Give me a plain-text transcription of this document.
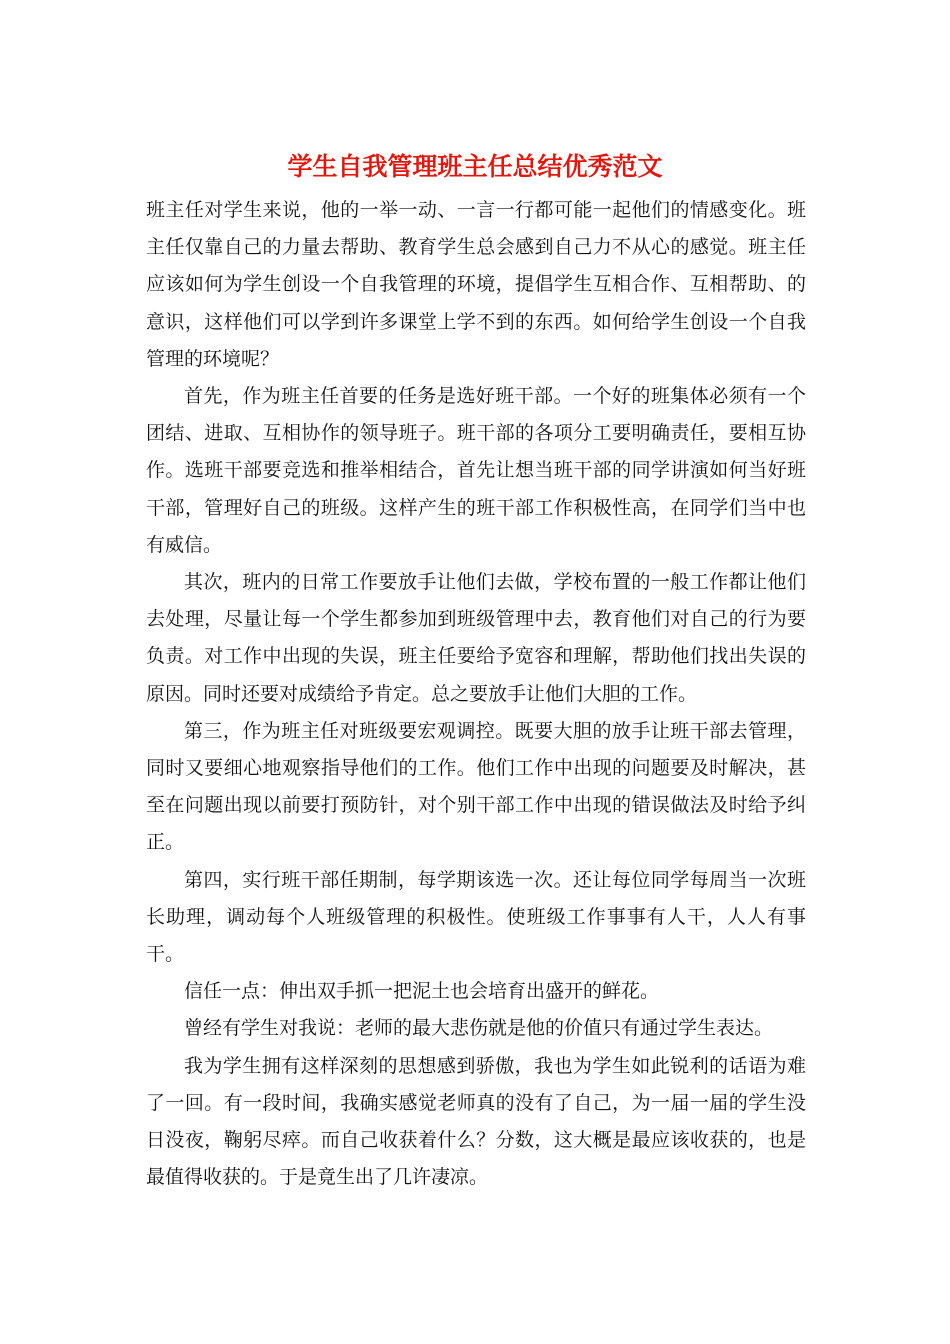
学生自我管理班主任总结优秀范文

班主任对学生来说，他的一举一动、一言一行都可能一起他们的情感变化。班主任仅靠自己的力量去帮助、教育学生总会感到自己力不从心的感觉。班主任应该如何为学生创设一个自我管理的环境，提倡学生互相合作、互相帮助、的意识，这样他们可以学到许多课堂上学不到的东西。如何给学生创设一个自我管理的环境呢？

首先，作为班主任首要的任务是选好班干部。一个好的班集体必须有一个团结、进取、互相协作的领导班子。班干部的各项分工要明确责任，要相互协作。选班干部要竞选和推举相结合，首先让想当班干部的同学讲演如何当好班干部，管理好自己的班级。这样产生的班干部工作积极性高，在同学们当中也有威信。

其次，班内的日常工作要放手让他们去做，学校布置的一般工作都让他们去处理，尽量让每一个学生都参加到班级管理中去，教育他们对自己的行为要负责。对工作中出现的失误，班主任要给予宽容和理解，帮助他们找出失误的原因。同时还要对成绩给予肯定。总之要放手让他们大胆的工作。

第三，作为班主任对班级要宏观调控。既要大胆的放手让班干部去管理，同时又要细心地观察指导他们的工作。他们工作中出现的问题要及时解决，甚至在问题出现以前要打预防针，对个别干部工作中出现的错误做法及时给予纠正。

第四，实行班干部任期制，每学期该选一次。还让每位同学每周当一次班长助理，调动每个人班级管理的积极性。使班级工作事事有人干，人人有事干。

信任一点：伸出双手抓一把泥土也会培育出盛开的鲜花。

曾经有学生对我说：老师的最大悲伤就是他的价值只有通过学生表达。

我为学生拥有这样深刻的思想感到骄傲，我也为学生如此锐利的话语为难了一回。有一段时间，我确实感觉老师真的没有了自己，为一届一届的学生没日没夜，鞠躬尽瘁。而自己收获着什么？分数，这大概是最应该收获的，也是最值得收获的。于是竟生出了几许凄凉。
